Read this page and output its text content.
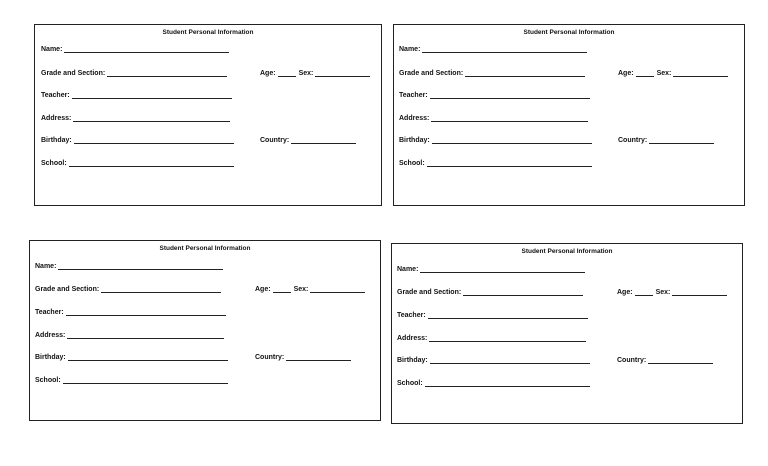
Student Personal Information
Name:
Grade and Section:	Age:	Sex:
Teacher:
Address:
Birthday:	Country:
School:
Student Personal Information
Name:
Grade and Section:	Age:	Sex:
Teacher:
Address:
Birthday:	Country:
School:
Student Personal Information
Name:
Grade and Section:	Age:	Sex:
Teacher:
Address:
Birthday:	Country:
School:
Student Personal Information
Name:
Grade and Section:	Age:	Sex:
Teacher:
Address:
Birthday:	Country:
School:
